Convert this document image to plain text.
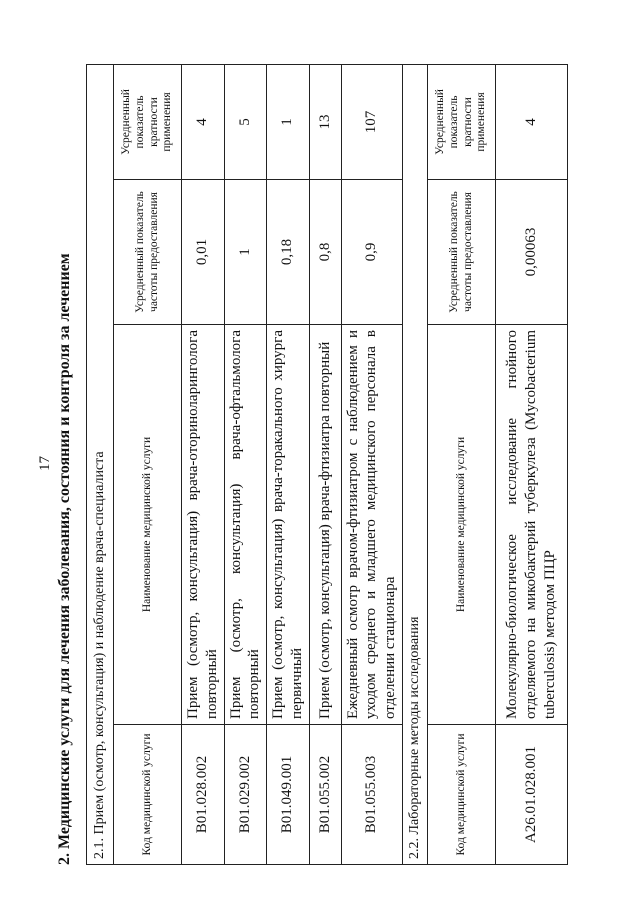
17 2. Медицинские услуги для лечения заболевания, состояния и контроля за лечением 2.1. Прием (осмотр, консультация) и наблюдение врача-специалиста			
Код медицинской услуги	Наименование медицинской услуги	Усредненный показатель частоты предоставления	Усредненный показатель кратности применения
B01.028.002	Прием (осмотр, консультация) врача-оториноларинголога повторный	0,01	4
B01.029.002	Прием (осмотр, консультация) врача-офтальмолога повторный	1	5
B01.049.001	Прием (осмотр, консультация) врача-торакального хирурга первичный	0,18	1
B01.055.002	Прием (осмотр, консультация) врача-фтизиатра повторный	0,8	13
B01.055.003	Ежедневный осмотр врачом-фтизиатром с наблюдением и уходом среднего и младшего медицинского персонала в отделении стационара	0,9	107
2.2. Лабораторные методы исследования			
Код медицинской услуги	Наименование медицинской услуги	Усредненный показатель частоты предоставления	Усредненный показатель кратности применения
A26.01.028.001	Молекулярно-биологическое исследование гнойного отделяемого на микобактерий туберкулеза (Mycobacterium tuberculosis) методом ПЦР	0,00063	4
